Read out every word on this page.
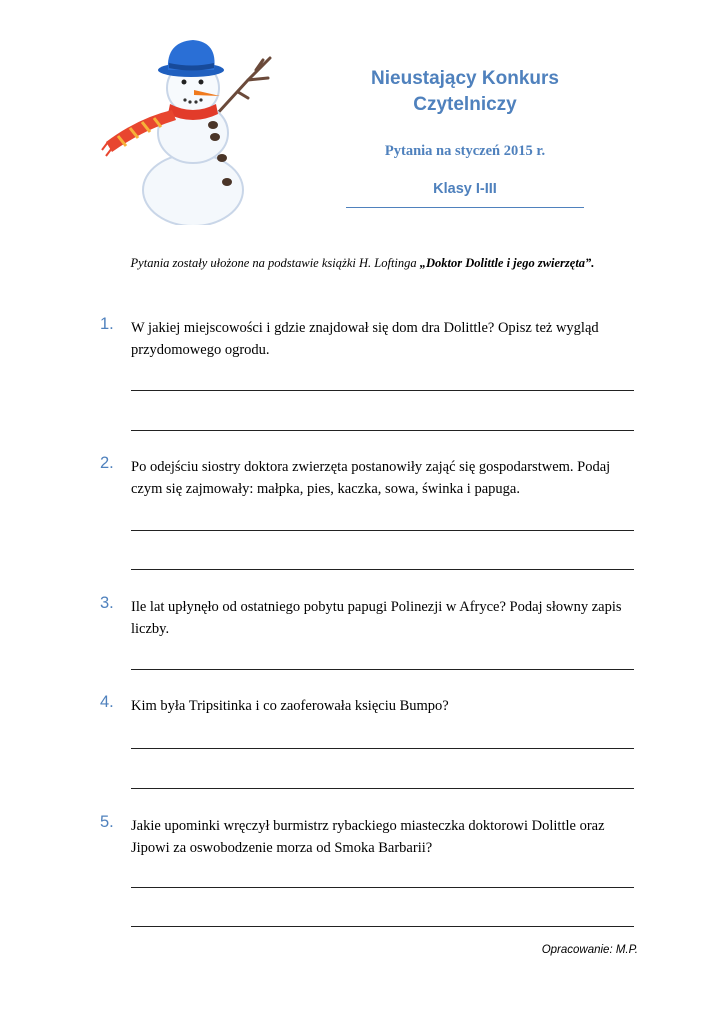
Nieustający Konkurs Czytelniczy
Pytania na styczeń 2015 r.
Klasy I-III
Pytania zostały ułożone na podstawie książki H. Loftinga „Doktor Dolittle i jego zwierzęta”.
1. W jakiej miejscowości i gdzie znajdował się dom dra Dolittle? Opisz też wygląd przydomowego ogrodu.
2. Po odejściu siostry doktora zwierzęta postanowiły zająć się gospodarstwem. Podaj czym się zajmowały: małpka, pies, kaczka, sowa, świnka i papuga.
3. Ile lat upłynęło od ostatniego pobytu papugi Polinezji w Afryce? Podaj słowny zapis liczby.
4. Kim była Tripsitinka i co zaoferowała księciu Bumpo?
5. Jakie upominki wręczył burmistrz rybackiego miasteczka doktorowi Dolittle oraz Jipowi za oswobodzenie morza od Smoka Barbarii?
Opracowanie: M.P.
